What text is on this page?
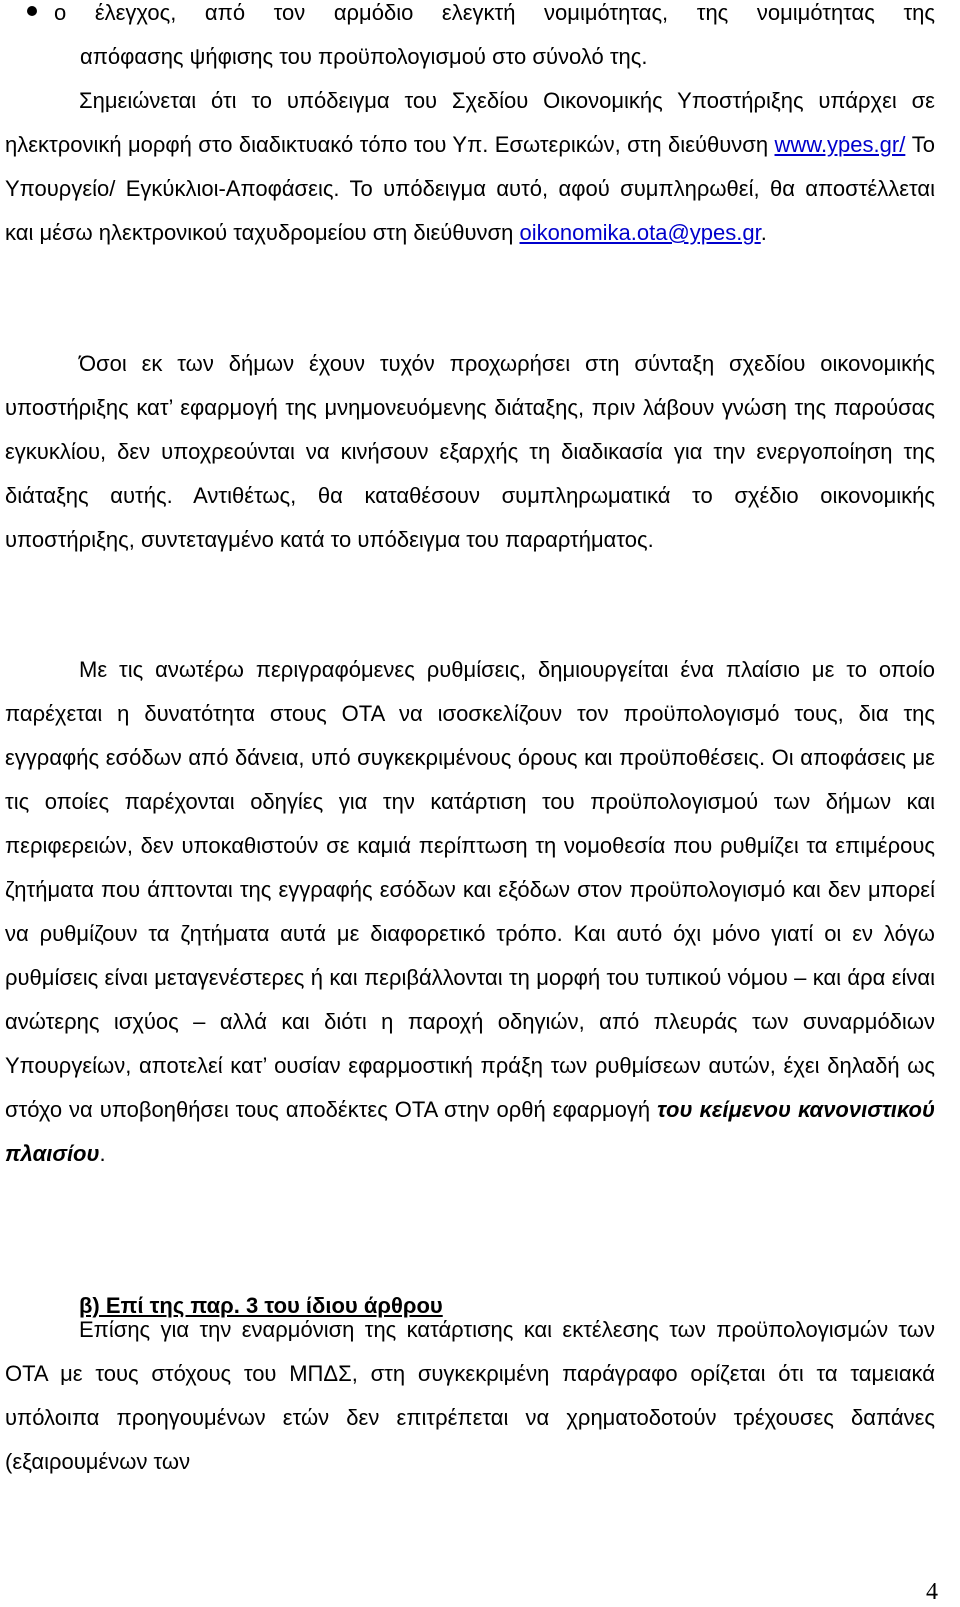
ο έλεγχος, από τον αρμόδιο ελεγκτή νομιμότητας, της νομιμότητας της
απόφασης ψήφισης του προϋπολογισμού στο σύνολό της.
Σημειώνεται ότι το υπόδειγμα του Σχεδίου Οικονομικής Υποστήριξης υπάρχει σε ηλεκτρονική μορφή στο διαδικτυακό τόπο του Υπ. Εσωτερικών, στη διεύθυνση www.ypes.gr/ Το Υπουργείο/ Εγκύκλιοι-Αποφάσεις. Το υπόδειγμα αυτό, αφού συμπληρωθεί, θα αποστέλλεται και μέσω ηλεκτρονικού ταχυδρομείου στη διεύθυνση oikonomika.ota@ypes.gr.
Όσοι εκ των δήμων έχουν τυχόν προχωρήσει στη σύνταξη σχεδίου οικονομικής υποστήριξης κατ’ εφαρμογή της μνημονευόμενης διάταξης, πριν λάβουν γνώση της παρούσας εγκυκλίου, δεν υποχρεούνται να κινήσουν εξαρχής τη διαδικασία για την ενεργοποίηση της διάταξης αυτής. Αντιθέτως, θα καταθέσουν συμπληρωματικά το σχέδιο οικονομικής υποστήριξης, συντεταγμένο κατά το υπόδειγμα του παραρτήματος.
Με τις ανωτέρω περιγραφόμενες ρυθμίσεις, δημιουργείται ένα πλαίσιο με το οποίο παρέχεται η δυνατότητα στους ΟΤΑ να ισοσκελίζουν τον προϋπολογισμό τους, δια της εγγραφής εσόδων από δάνεια, υπό συγκεκριμένους όρους και προϋποθέσεις. Οι αποφάσεις με τις οποίες παρέχονται οδηγίες για την κατάρτιση του προϋπολογισμού των δήμων και περιφερειών, δεν υποκαθιστούν σε καμιά περίπτωση τη νομοθεσία που ρυθμίζει τα επιμέρους ζητήματα που άπτονται της εγγραφής εσόδων και εξόδων στον προϋπολογισμό και δεν μπορεί να ρυθμίζουν τα ζητήματα αυτά με διαφορετικό τρόπο. Και αυτό όχι μόνο γιατί οι εν λόγω ρυθμίσεις είναι μεταγενέστερες ή και περιβάλλονται τη μορφή του τυπικού νόμου – και άρα είναι ανώτερης ισχύος – αλλά και διότι η παροχή οδηγιών, από πλευράς των συναρμόδιων Υπουργείων, αποτελεί κατ’ ουσίαν εφαρμοστική πράξη των ρυθμίσεων αυτών, έχει δηλαδή ως στόχο να υποβοηθήσει τους αποδέκτες ΟΤΑ στην ορθή εφαρμογή του κείμενου κανονιστικού πλαισίου.
β) Επί της παρ. 3 του ίδιου άρθρου
Επίσης για την εναρμόνιση της κατάρτισης και εκτέλεσης των προϋπολογισμών των ΟΤΑ με τους στόχους του ΜΠΔΣ, στη συγκεκριμένη παράγραφο ορίζεται ότι τα ταμειακά υπόλοιπα προηγουμένων ετών δεν επιτρέπεται να χρηματοδοτούν τρέχουσες δαπάνες (εξαιρουμένων των
4
